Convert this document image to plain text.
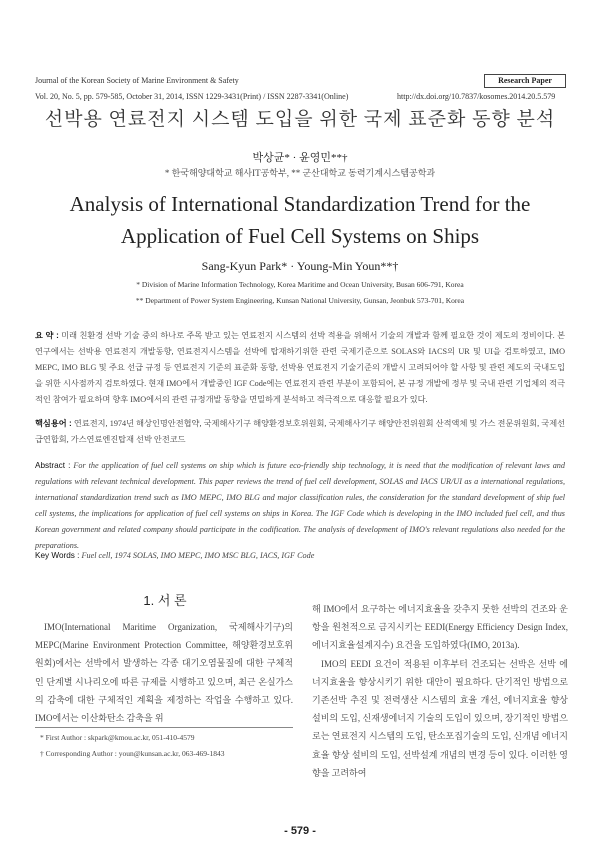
Journal of the Korean Society of Marine Environment & Safety
Vol. 20, No. 5, pp. 579-585, October 31, 2014, ISSN 1229-3431(Print) / ISSN 2287-3341(Online)	http://dx.doi.org/10.7837/kosomes.2014.20.5.579
Research Paper
선박용 연료전지 시스템 도입을 위한 국제 표준화 동향 분석
박상균* · 윤영민**†
* 한국해양대학교 해사IT공학부, ** 군산대학교 동력기계시스템공학과
Analysis of International Standardization Trend for the Application of Fuel Cell Systems on Ships
Sang-Kyun Park* · Young-Min Youn**†
* Division of Marine Information Technology, Korea Maritime and Ocean University, Busan 606-791, Korea
** Department of Power System Engineering, Kunsan National University, Gunsan, Jeonbuk 573-701, Korea
요 약 : 미래 친환경 선박 기술 중의 하나로 주목 받고 있는 연료전지 시스템의 선박 적용을 위해서 기술의 개발과 함께 필요한 것이 제도의 정비이다. 본 연구에서는 선박용 연료전지 개발동향, 연료전지시스템을 선박에 탑재하기위한 관련 국제기준으로 SOLAS와 IACS의 UR 및 UI을 검토하였고, IMO MEPC, IMO BLG 및 주요 선급 규정 등 연료전지 기준의 표준화 동향, 선박용 연료전지 기술기준의 개발시 고려되어야 할 사항 및 관련 제도의 국내도입을 위한 시사점까지 검토하였다. 현재 IMO에서 개발중인 IGF Code에는 연료전지 관련 부분이 포함되어, 본 규정 개발에 정부 및 국내 관련 기업체의 적극적인 참여가 필요하며 향후 IMO에서의 관련 규정개발 동향을 면밀하게 분석하고 적극적으로 대응할 필요가 있다.
핵심용어 : 연료전지, 1974년 해상인명안전협약, 국제해사기구 해양환경보호위원회, 국제해사기구 해양안전위원회 산적액체 및 가스 전문위원회, 국제선급연합회, 가스연료엔진탑재 선박 안전코드
Abstract : For the application of fuel cell systems on ship which is future eco-friendly ship technology, it is need that the modification of relevant laws and regulations with relevant technical development. This paper reviews the trend of fuel cell development, SOLAS and IACS UR/UI as a international regulations, international standardization trend such as IMO MEPC, IMO BLG and major classification rules, the consideration for the standard development of ship fuel cell systems, the implications for application of fuel cell systems on ships in Korea. The IGF Code which is developing in the IMO included fuel cell, and thus Korean government and related company should participate in the codification. The analysis of development of IMO's relevant regulations also needed for the preparations.
Key Words : Fuel cell, 1974 SOLAS, IMO MEPC, IMO MSC BLG, IACS, IGF Code
1. 서 론
IMO(International Maritime Organization, 국제해사기구)의 MEPC(Marine Environment Protection Committee, 해양환경보호위원회)에서는 선박에서 발생하는 각종 대기오염물질에 대한 구체적인 단계별 시나리오에 따른 규제를 시행하고 있으며, 최근 온실가스의 감축에 대한 구체적인 계획을 제정하는 작업을 수행하고 있다. IMO에서는 이산화탄소 감축을 위
해 IMO에서 요구하는 에너지효율을 갖추지 못한 선박의 건조와 운항을 원천적으로 금지시키는 EEDI(Energy Efficiency Design Index, 에너지효율설계지수) 요건을 도입하였다(IMO, 2013a).
IMO의 EEDI 요건이 적용된 이후부터 건조되는 선박은 선박 에너지효율을 향상시키기 위한 대안이 필요하다. 단기적인 방법으로 기존선박 추진 및 전력생산 시스템의 효율 개선, 에너지효율 향상 설비의 도입, 신재생에너지 기술의 도입이 있으며, 장기적인 방법으로는 연료전지 시스템의 도입, 탄소포집기술의 도입, 신개념 에너지효율 향상 설비의 도입, 선박설계 개념의 변경 등이 있다. 이러한 영향을 고려하여
* First Author : skpark@kmou.ac.kr, 051-410-4579
† Corresponding Author : youn@kunsan.ac.kr, 063-469-1843
- 579 -
